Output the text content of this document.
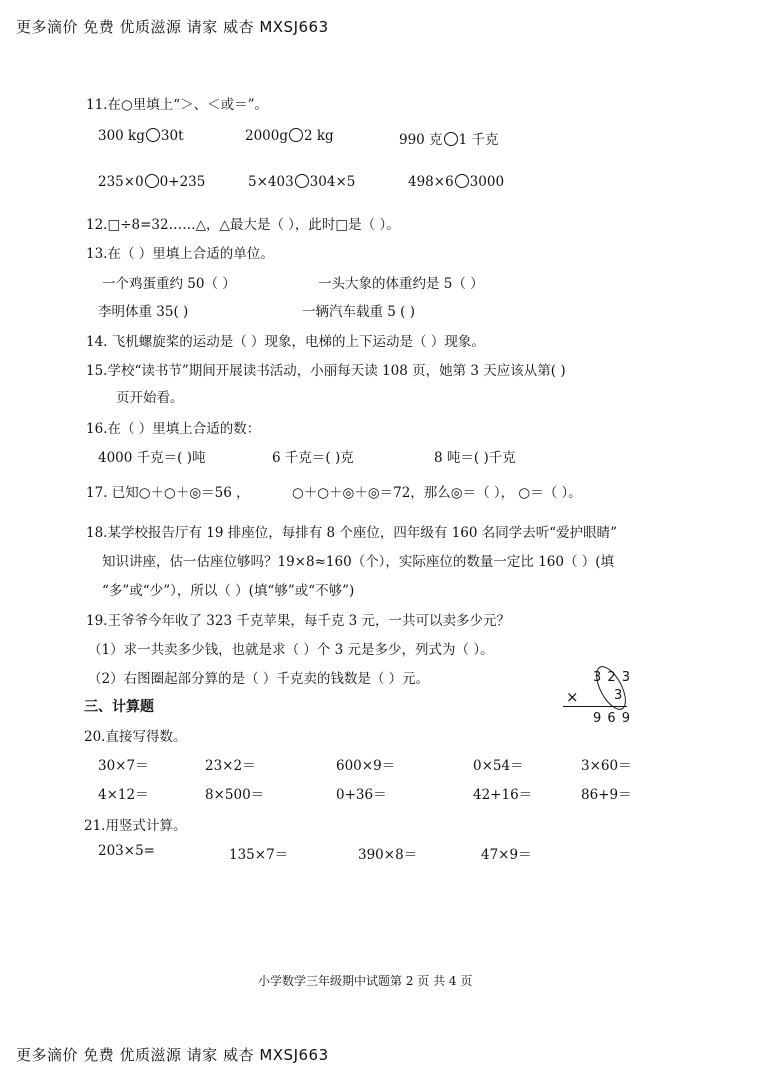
更多滴价 免费 优质滋源 请家 威杏 MXSJ663
11.在○里填上“＞、＜或＝”。
300 kg 30t	2000g 2 kg	990 克 1 千克
235×0 0+235	5×403 304×5	498×6 3000
12.□÷8=32……△，△最大是（ ），此时□是（ ）。
13.在（ ）里填上合适的单位。
一个鸡蛋重约 50（ ）	一头大象的体重约是 5（ ）
李明体重 35( )	一辆汽车载重 5 ( )
14. 飞机螺旋桨的运动是（ ）现象，电梯的上下运动是（ ）现象。
15.学校“读书节”期间开展读书活动，小丽每天读 108 页，她第 3 天应该从第( )
页开始看。
16.在（ ）里填上合适的数：
4000 千克＝( )吨	6 千克＝( )克	8 吨＝( )千克
17. 已知○＋○＋◎＝56 ，	○＋○＋◎＋◎＝72，那么◎＝（ ）， ○＝（ ）。
18.某学校报告厅有 19 排座位，每排有 8 个座位，四年级有 160 名同学去听“爱护眼睛”
知识讲座，估一估座位够吗？19×8≈160（个），实际座位的数量一定比 160（ ）(填
“多”或“少”），所以（ ）(填“够”或“不够”)
19.王爷爷今年收了 323 千克苹果，每千克 3 元，一共可以卖多少元？
（1）求一共卖多少钱，也就是求（ ）个 3 元是多少，列式为（ ）。
（2）右图圈起部分算的是（ ）千克卖的钱数是（ ）元。	3 2 3
×	3
9 6 9
三、计算题
20.直接写得数。
30×7＝	23×2＝	600×9＝	0×54＝	3×60＝
4×12＝	8×500＝	0+36＝	42+16＝	86+9＝
21.用竖式计算。
203×5=	135×7＝	390×8＝	47×9＝
小学数学三年级期中试题第 2 页 共 4 页
更多滴价 免费 优质滋源 请家 威杏 MXSJ663
